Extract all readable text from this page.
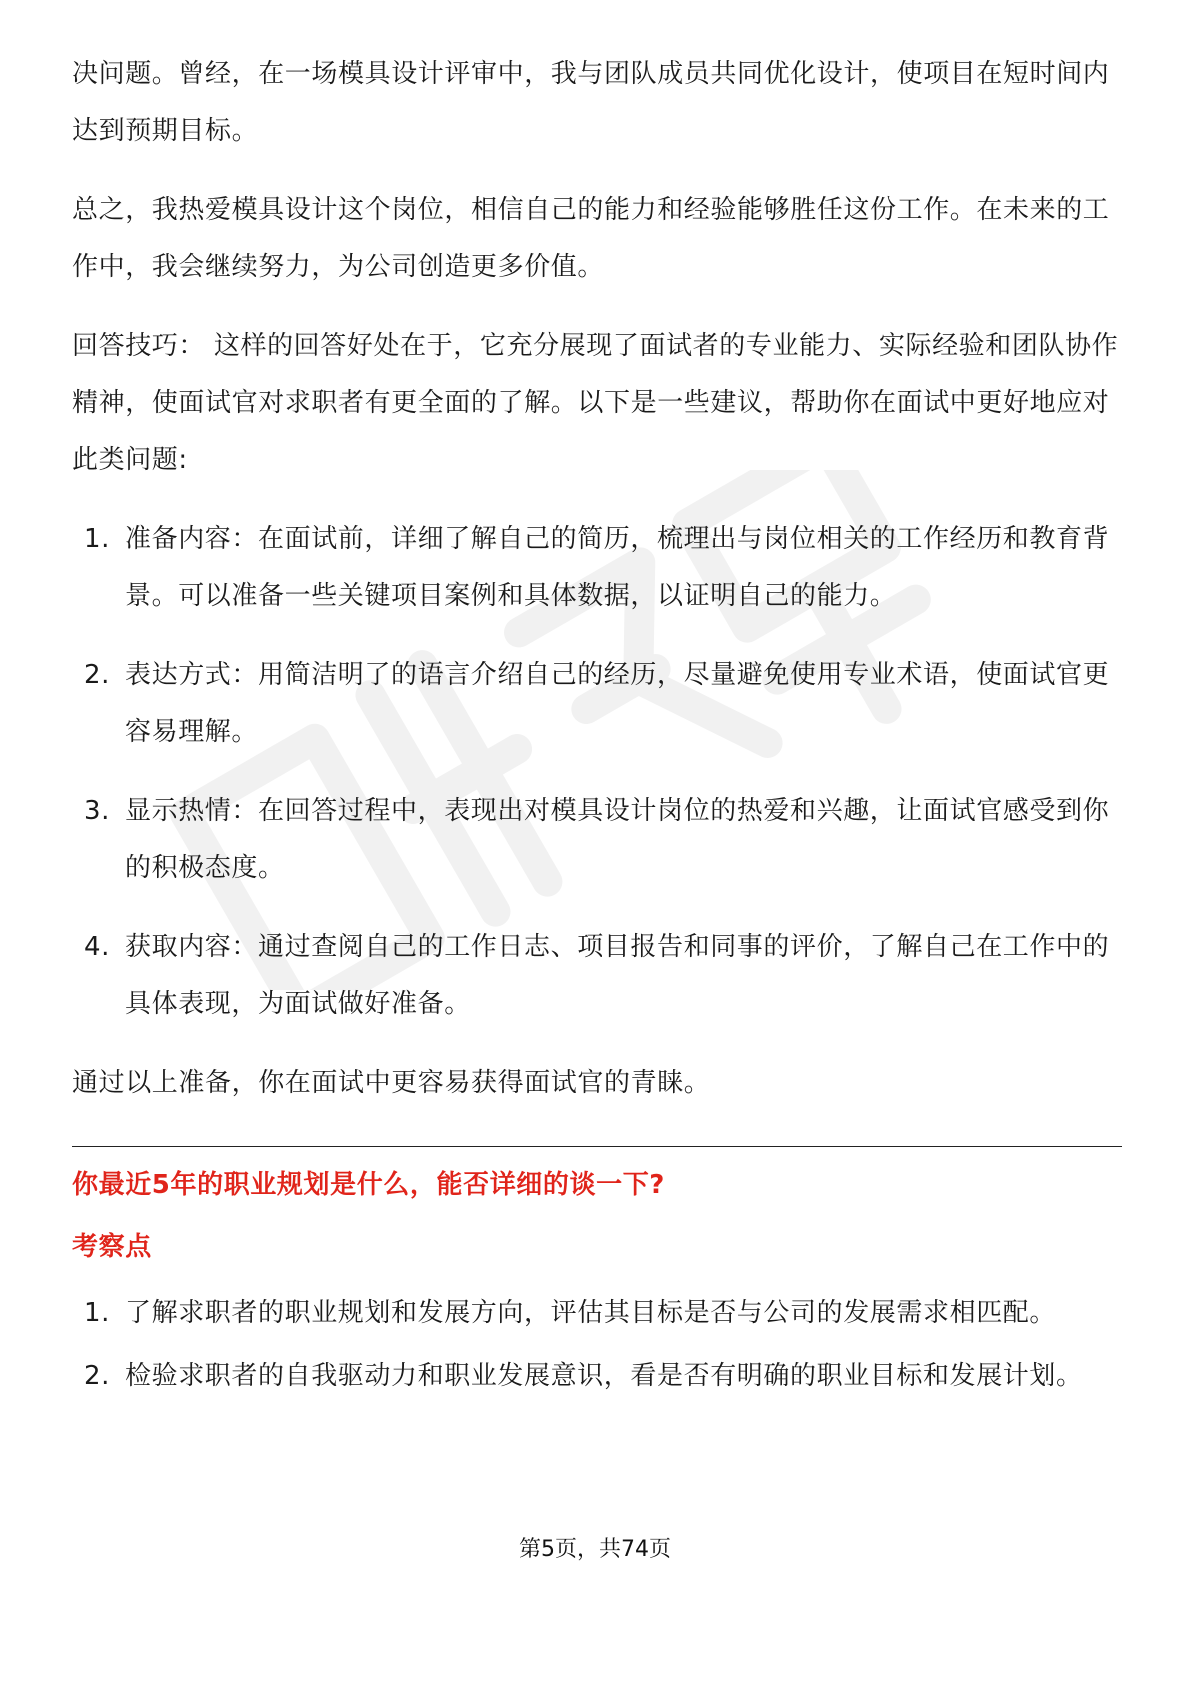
决问题。曾经，在一场模具设计评审中，我与团队成员共同优化设计，使项目在短时间内达到预期目标。

总之，我热爱模具设计这个岗位，相信自己的能力和经验能够胜任这份工作。在未来的工作中，我会继续努力，为公司创造更多价值。

回答技巧： 这样的回答好处在于，它充分展现了面试者的专业能力、实际经验和团队协作精神，使面试官对求职者有更全面的了解。以下是一些建议，帮助你在面试中更好地应对此类问题:

1. 准备内容：在面试前，详细了解自己的简历，梳理出与岗位相关的工作经历和教育背景。可以准备一些关键项目案例和具体数据，以证明自己的能力。
2. 表达方式：用简洁明了的语言介绍自己的经历，尽量避免使用专业术语，使面试官更容易理解。
3. 显示热情：在回答过程中，表现出对模具设计岗位的热爱和兴趣，让面试官感受到你的积极态度。
4. 获取内容：通过查阅自己的工作日志、项目报告和同事的评价，了解自己在工作中的具体表现，为面试做好准备。

通过以上准备，你在面试中更容易获得面试官的青睐。

你最近5年的职业规划是什么，能否详细的谈一下?
考察点
1. 了解求职者的职业规划和发展方向，评估其目标是否与公司的发展需求相匹配。
2. 检验求职者的自我驱动力和职业发展意识，看是否有明确的职业目标和发展计划。
第5页，共74页
